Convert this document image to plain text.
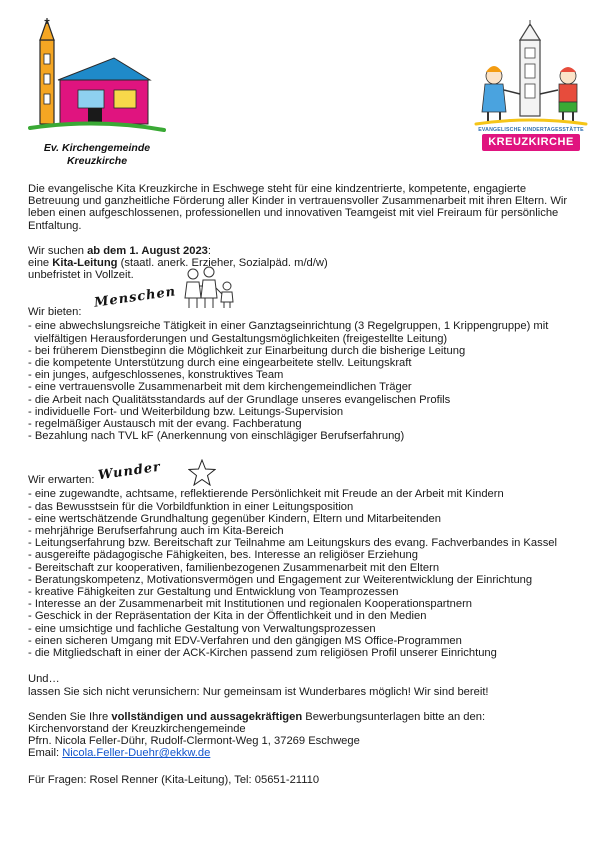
Ev. Kirchengemeinde
Kreuzkirche
EVANGELISCHE KINDERTAGESSTÄTTE
KREUZKIRCHE

Die evangelische Kita Kreuzkirche in Eschwege steht für eine kindzentrierte, kompetente, engagierte Betreuung und ganzheitliche Förderung aller Kinder in vertrauensvoller Zusammenarbeit mit ihren Eltern. Wir leben einen aufgeschlossenen, professionellen und innovativen Teamgeist mit viel Freiraum für persönliche Entfaltung.

Wir suchen ab dem 1. August 2023:

eine Kita-Leitung (staatl. anerk. Erzieher, Sozialpäd. m/d/w)

unbefristet in Vollzeit.

Wir bieten:
Menschen
- eine abwechslungsreiche Tätigkeit in einer Ganztagseinrichtung (3 Regelgruppen, 1 Krippengruppe) mit
vielfältigen Herausforderungen und Gestaltungsmöglichkeiten (freigestellte Leitung)
- bei früherem Dienstbeginn die Möglichkeit zur Einarbeitung durch die bisherige Leitung
- die kompetente Unterstützung durch eine eingearbeitete stellv. Leitungskraft
- ein junges, aufgeschlossenes, konstruktives Team
- eine vertrauensvolle Zusammenarbeit mit dem kirchengemeindlichen Träger
- die Arbeit nach Qualitätsstandards auf der Grundlage unseres evangelischen Profils
- individuelle Fort- und Weiterbildung bzw. Leitungs-Supervision
- regelmäßiger Austausch mit der evang. Fachberatung
- Bezahlung nach TVL kF (Anerkennung von einschlägiger Berufserfahrung)
Wir erwarten: Wunder
- eine zugewandte, achtsame, reflektierende Persönlichkeit mit Freude an der Arbeit mit Kindern
- das Bewusstsein für die Vorbildfunktion in einer Leitungsposition
- eine wertschätzende Grundhaltung gegenüber Kindern, Eltern und Mitarbeitenden
- mehrjährige Berufserfahrung auch im Kita-Bereich
- Leitungserfahrung bzw. Bereitschaft zur Teilnahme am Leitungskurs des evang. Fachverbandes in Kassel
- ausgereifte pädagogische Fähigkeiten, bes. Interesse an religiöser Erziehung
- Bereitschaft zur kooperativen, familienbezogenen Zusammenarbeit mit den Eltern
- Beratungskompetenz, Motivationsvermögen und Engagement zur Weiterentwicklung der Einrichtung
- kreative Fähigkeiten zur Gestaltung und Entwicklung von Teamprozessen
- Interesse an der Zusammenarbeit mit Institutionen und regionalen Kooperationspartnern
- Geschick in der Repräsentation der Kita in der Öffentlichkeit und in den Medien
- eine umsichtige und fachliche Gestaltung von Verwaltungsprozessen
- einen sicheren Umgang mit EDV-Verfahren und den gängigen MS Office-Programmen
- die Mitgliedschaft in einer der ACK-Kirchen passend zum religiösen Profil unserer Einrichtung

Und…

lassen Sie sich nicht verunsichern: Nur gemeinsam ist Wunderbares möglich! Wir sind bereit!

Senden Sie Ihre vollständigen und aussagekräftigen Bewerbungsunterlagen bitte an den:

Kirchenvorstand der Kreuzkirchengemeinde

Pfrn. Nicola Feller-Dühr, Rudolf-Clermont-Weg 1, 37269 Eschwege

Email: Nicola.Feller-Duehr@ekkw.de

Für Fragen: Rosel Renner (Kita-Leitung), Tel: 05651-21110
